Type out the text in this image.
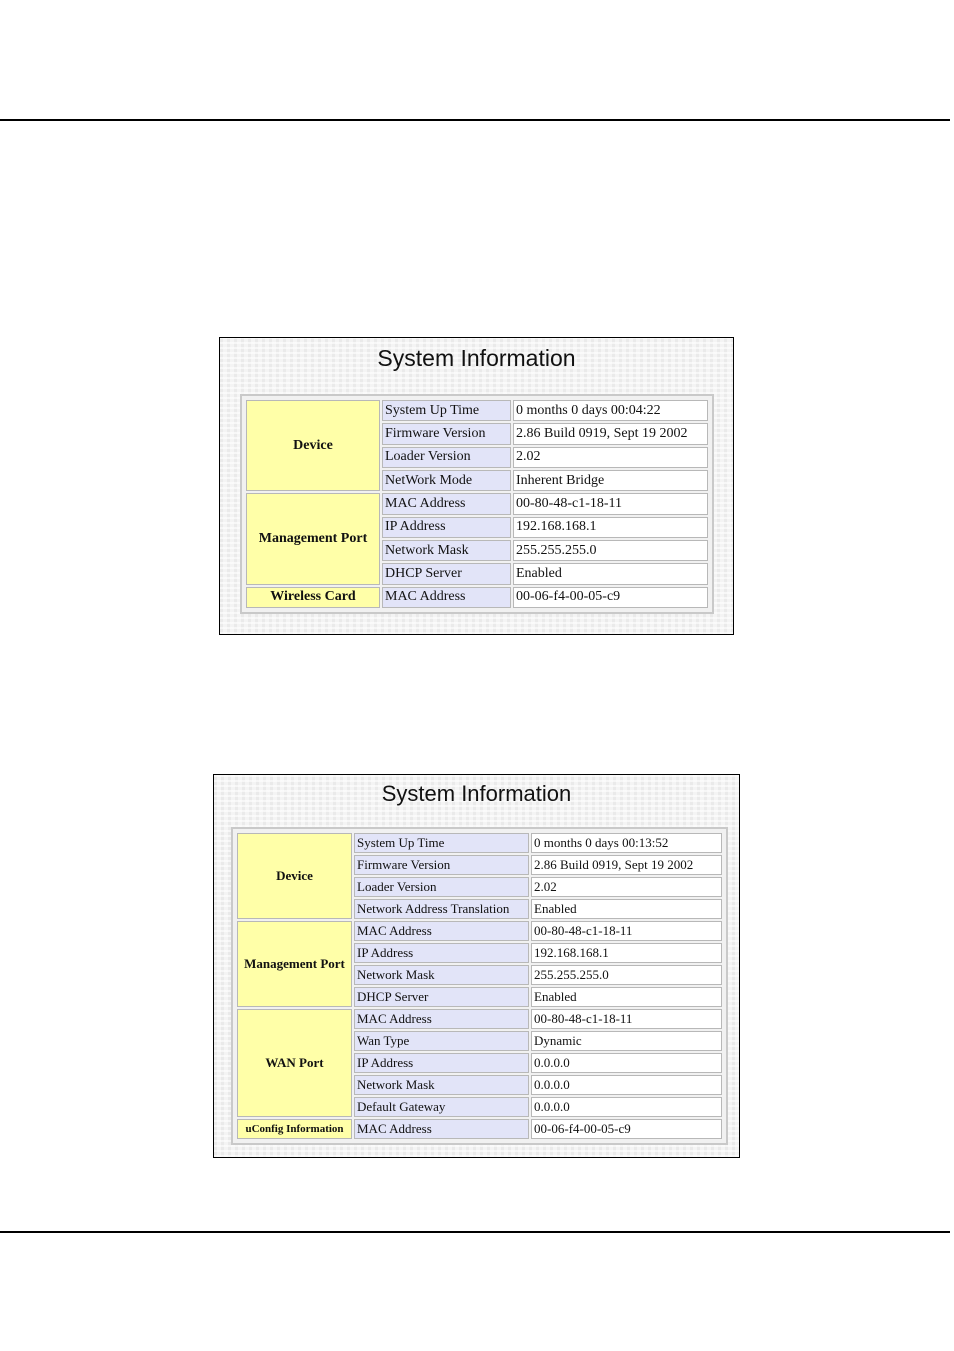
System Information
Device	System Up Time	0 months 0 days 00:04:22
	Firmware Version	2.86 Build 0919, Sept 19 2002
	Loader Version	2.02
	NetWork Mode	Inherent Bridge
Management Port	MAC Address	00-80-48-c1-18-11
	IP Address	192.168.168.1
	Network Mask	255.255.255.0
	DHCP Server	Enabled
Wireless Card	MAC Address	00-06-f4-00-05-c9
System Information
Device	System Up Time	0 months 0 days 00:13:52
	Firmware Version	2.86 Build 0919, Sept 19 2002
	Loader Version	2.02
	Network Address Translation	Enabled
Management Port	MAC Address	00-80-48-c1-18-11
	IP Address	192.168.168.1
	Network Mask	255.255.255.0
	DHCP Server	Enabled
WAN Port	MAC Address	00-80-48-c1-18-11
	Wan Type	Dynamic
	IP Address	0.0.0.0
	Network Mask	0.0.0.0
	Default Gateway	0.0.0.0
uConfig Information	MAC Address	00-06-f4-00-05-c9
